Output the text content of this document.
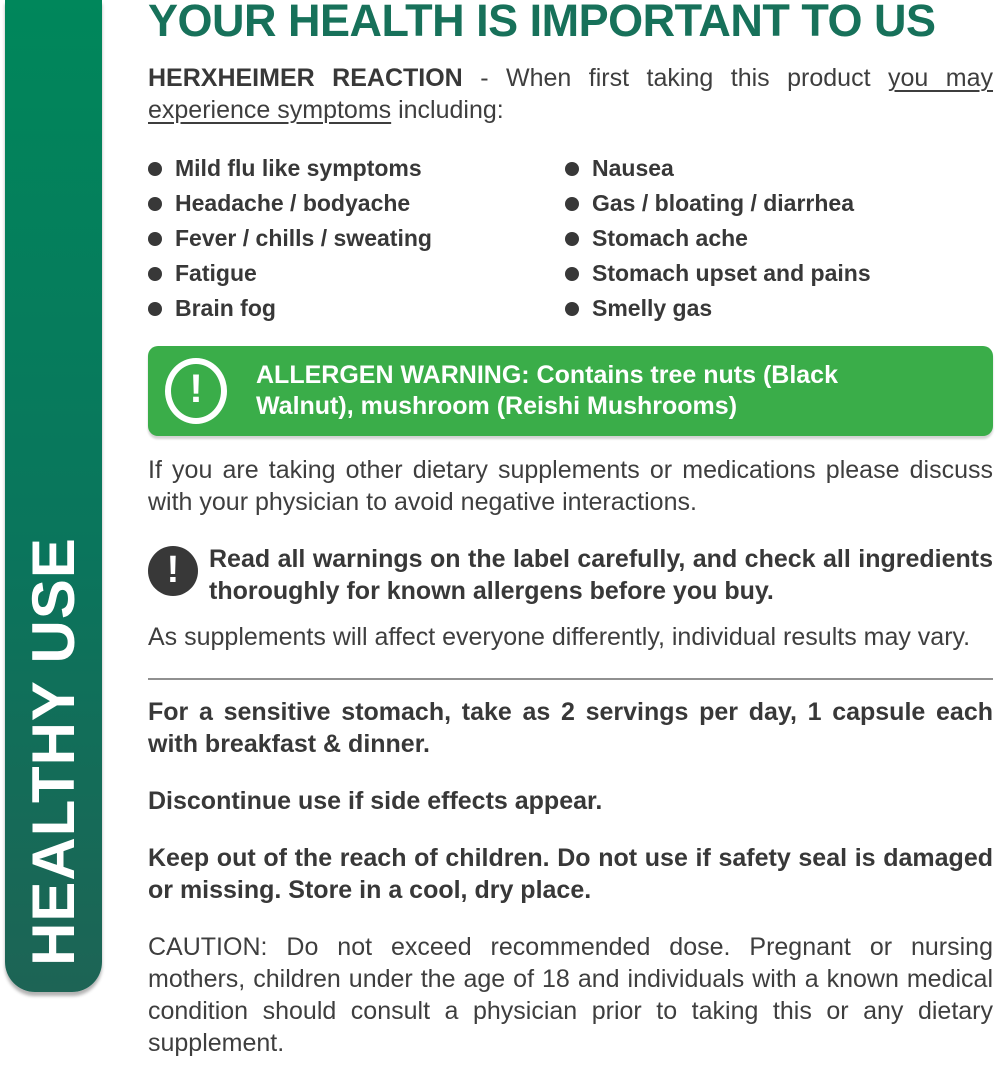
HEALTHY USE
YOUR HEALTH IS IMPORTANT TO US

HERXHEIMER REACTION - When first taking this product you may experience symptoms including:

Mild flu like symptoms
Headache / bodyache
Fever / chills / sweating
Fatigue
Brain fog
Nausea
Gas / bloating / diarrhea
Stomach ache
Stomach upset and pains
Smelly gas
! ALLERGEN WARNING: Contains tree nuts (Black Walnut), mushroom (Reishi Mushrooms)

If you are taking other dietary supplements or medications please discuss with your physician to avoid negative interactions.

! Read all warnings on the label carefully, and check all ingredients thoroughly for known allergens before you buy.

As supplements will affect everyone differently, individual results may vary.

For a sensitive stomach, take as 2 servings per day, 1 capsule each with breakfast & dinner.

Discontinue use if side effects appear.

Keep out of the reach of children. Do not use if safety seal is damaged or missing. Store in a cool, dry place.

CAUTION: Do not exceed recommended dose. Pregnant or nursing mothers, children under the age of 18 and individuals with a known medical condition should consult a physician prior to taking this or any dietary supplement.
